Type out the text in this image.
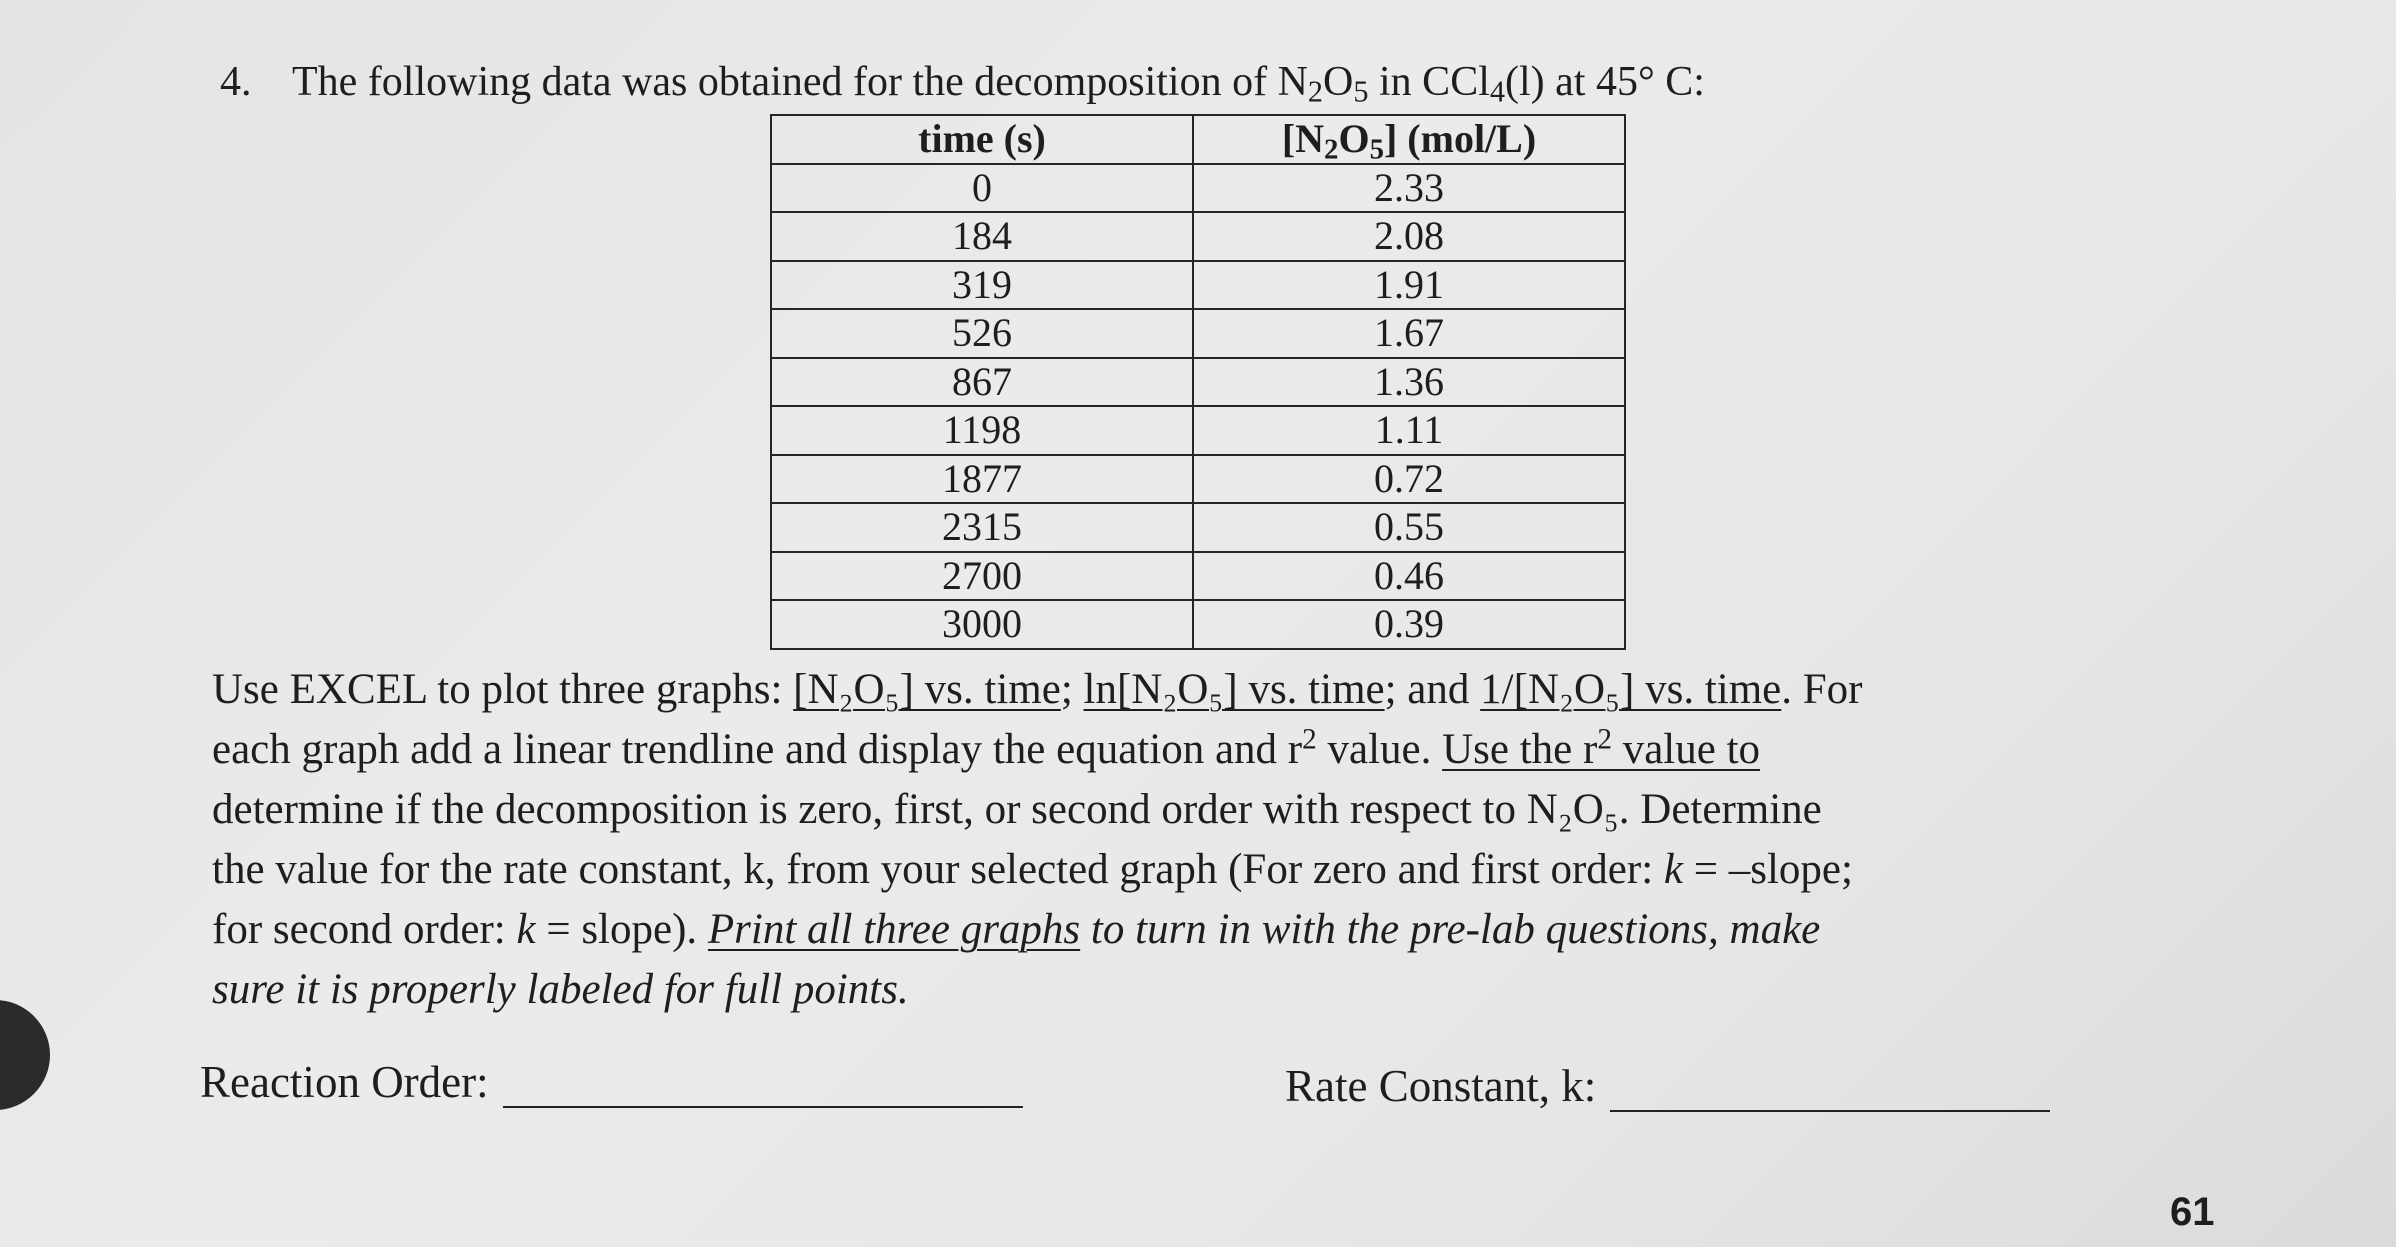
4. The following data was obtained for the decomposition of $N_2O_5$ in CCl$_4$(l) at 45° C:
time (s)	$[N_2O_5]$ (mol/L)
0	2.33
184	2.08
319	1.91
526	1.67
867	1.36
1198	1.11
1877	0.72
2315	0.55
2700	0.46
3000	0.39

Use EXCEL to plot three graphs: [N₂O₅] vs. time; ln[N₂O₅] vs. time; and 1/[N₂O₅] vs. time. For

each graph add a linear trendline and display the equation and $r^2$ value. Use the $r^2$ value to

determine if the decomposition is zero, first, or second order with respect to N₂O₅. Determine

the value for the rate constant, k, from your selected graph (For zero and first order: k = –slope;

for second order: k = slope). Print all three graphs to turn in with the pre-lab questions, make

sure it is properly labeled for full points.

Reaction Order:	Rate Constant, k:
61
